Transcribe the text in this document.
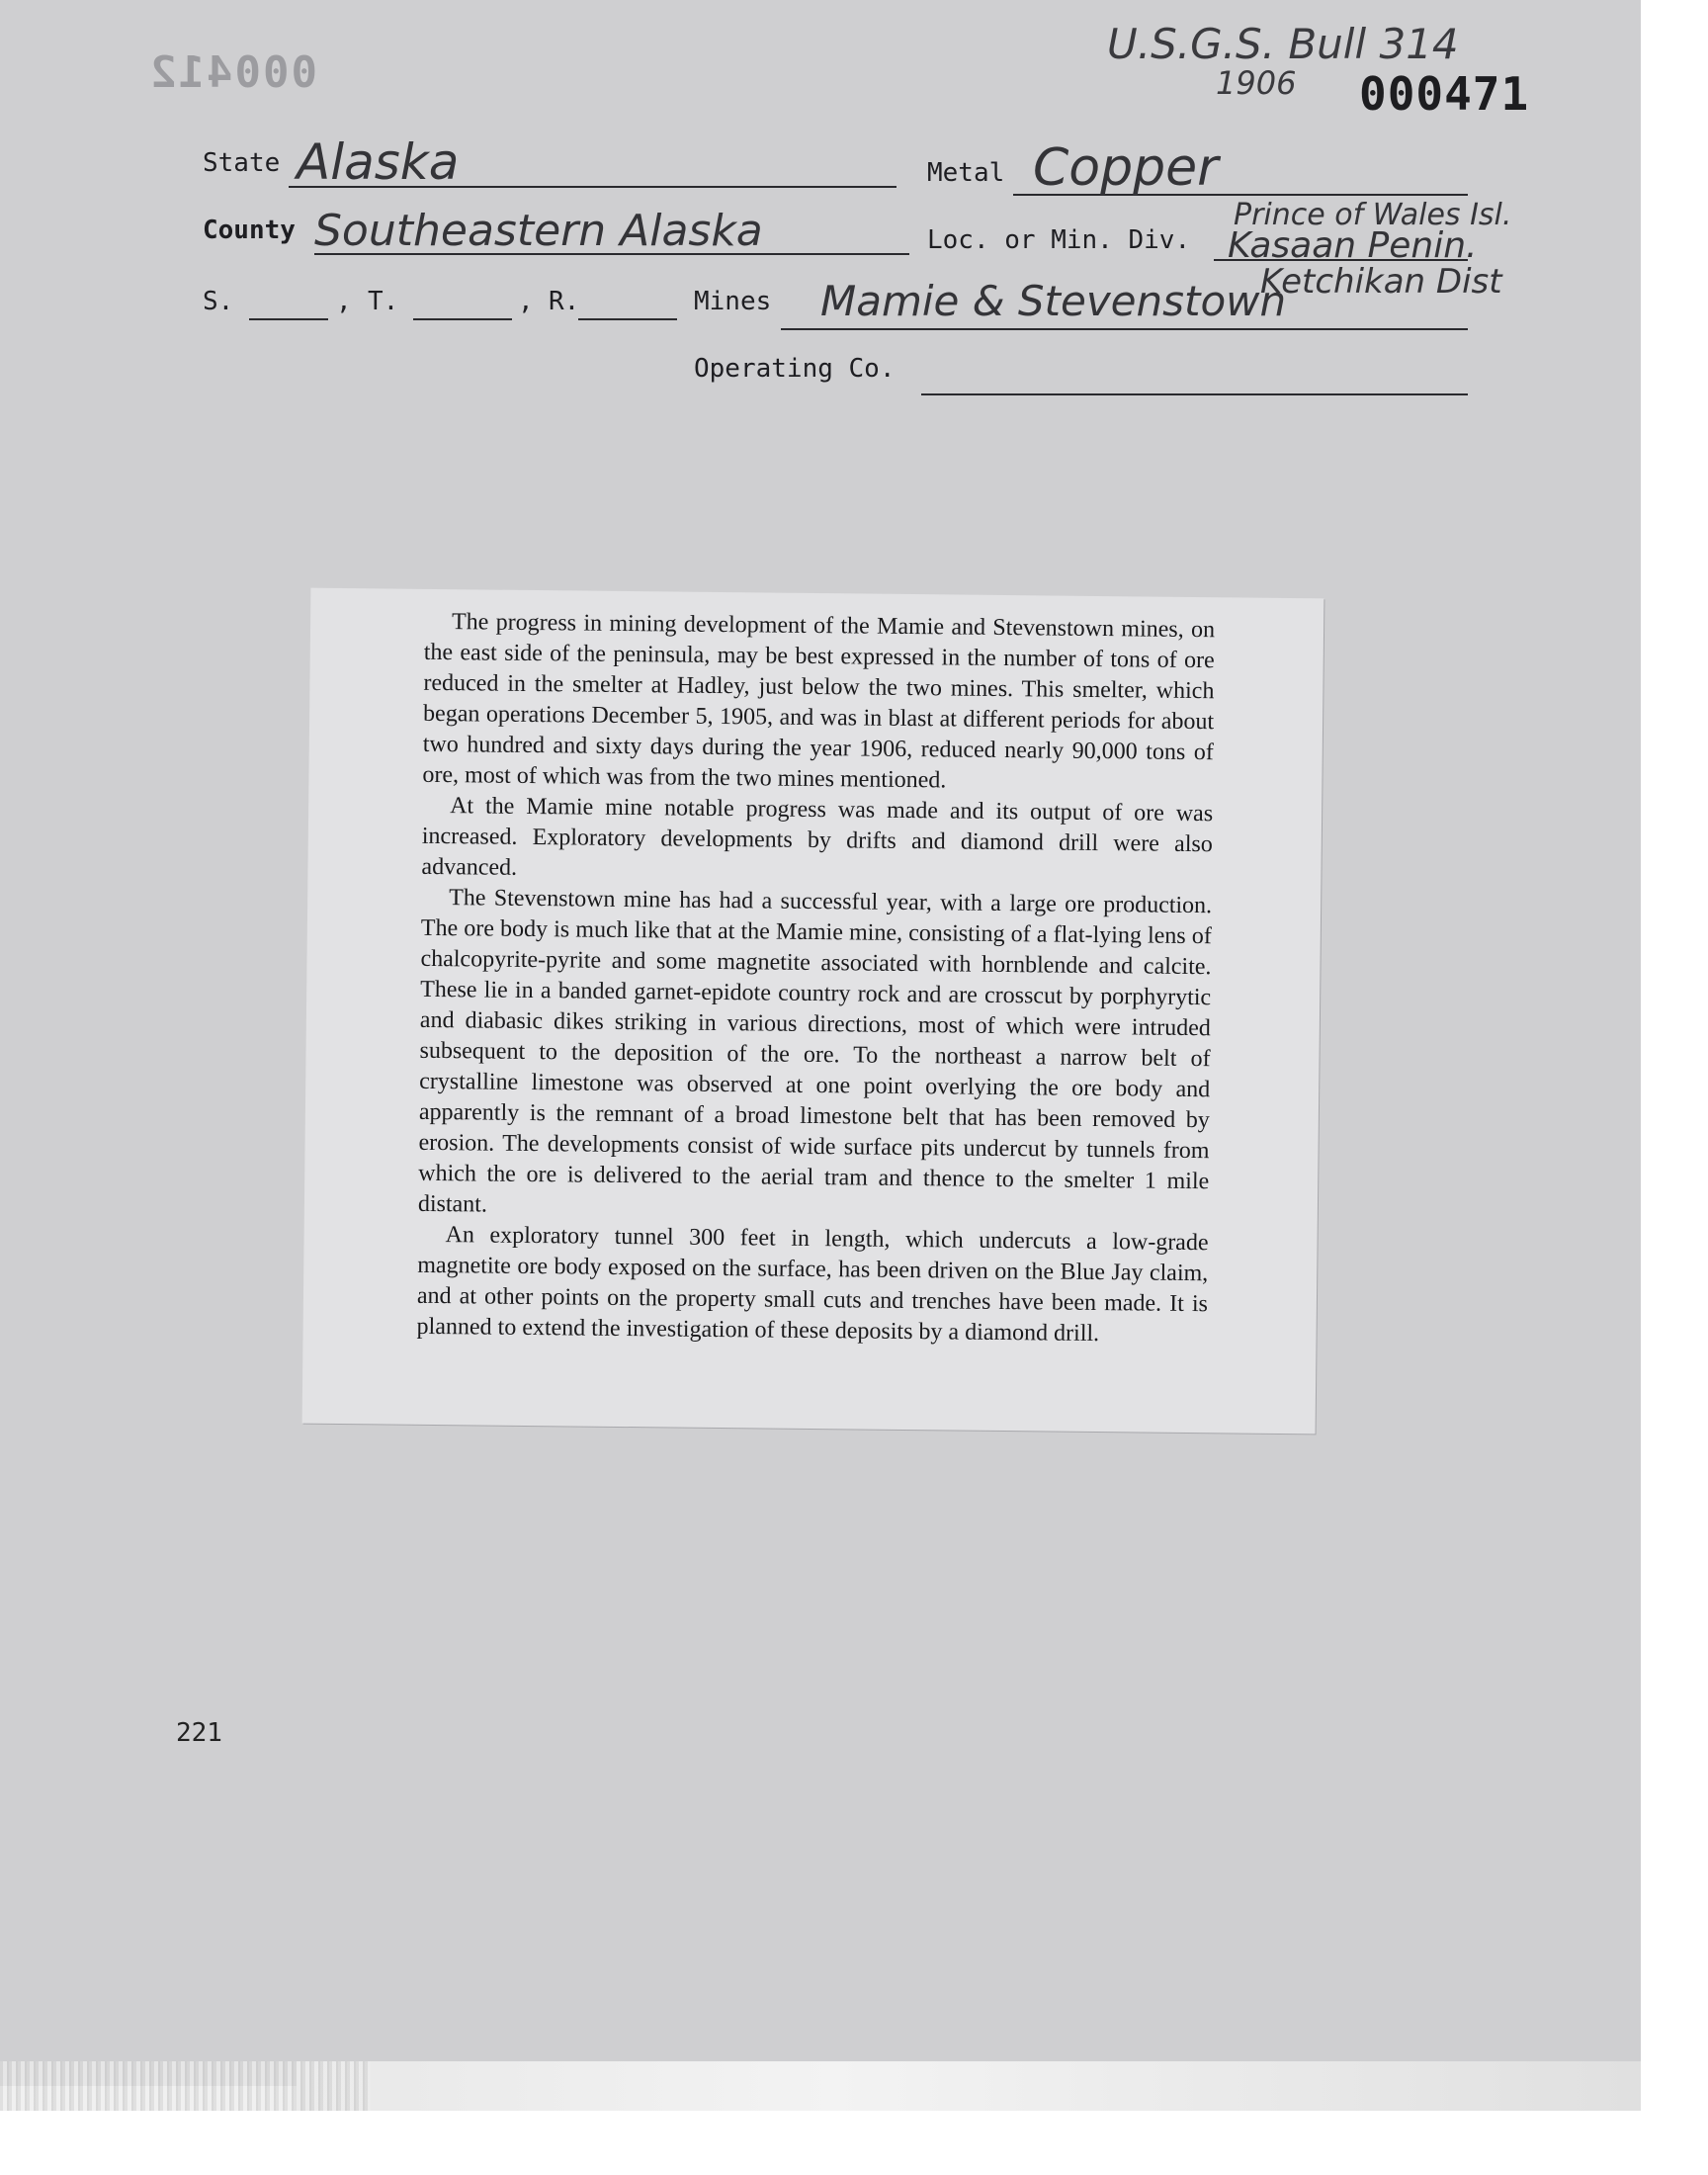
000412
U.S.G.S. Bull 314
1906 000471
State Alaska	Metal Copper
County Southeastern Alaska	Loc. or Min. Div.
Prince of Wales Isl.
Kasaan Penin.
Ketchikan Dist
S.	, T.	, R.	Mines Mamie & Stevenstown
Operating Co.

The progress in mining development of the Mamie and Stevenstown mines, on the east side of the peninsula, may be best expressed in the number of tons of ore reduced in the smelter at Hadley, just below the two mines. This smelter, which began operations December 5, 1905, and was in blast at different periods for about two hundred and sixty days during the year 1906, reduced nearly 90,000 tons of ore, most of which was from the two mines mentioned.

At the Mamie mine notable progress was made and its output of ore was increased. Exploratory developments by drifts and diamond drill were also advanced.

The Stevenstown mine has had a successful year, with a large ore production. The ore body is much like that at the Mamie mine, consisting of a flat-lying lens of chalcopyrite-pyrite and some magnetite associated with hornblende and calcite. These lie in a banded garnet-epidote country rock and are crosscut by porphyrytic and diabasic dikes striking in various directions, most of which were intruded subsequent to the deposition of the ore. To the northeast a narrow belt of crystalline limestone was observed at one point overlying the ore body and apparently is the remnant of a broad limestone belt that has been removed by erosion. The developments consist of wide surface pits undercut by tunnels from which the ore is delivered to the aerial tram and thence to the smelter 1 mile distant.

An exploratory tunnel 300 feet in length, which undercuts a low-grade magnetite ore body exposed on the surface, has been driven on the Blue Jay claim, and at other points on the property small cuts and trenches have been made. It is planned to extend the investigation of these deposits by a diamond drill.

221
